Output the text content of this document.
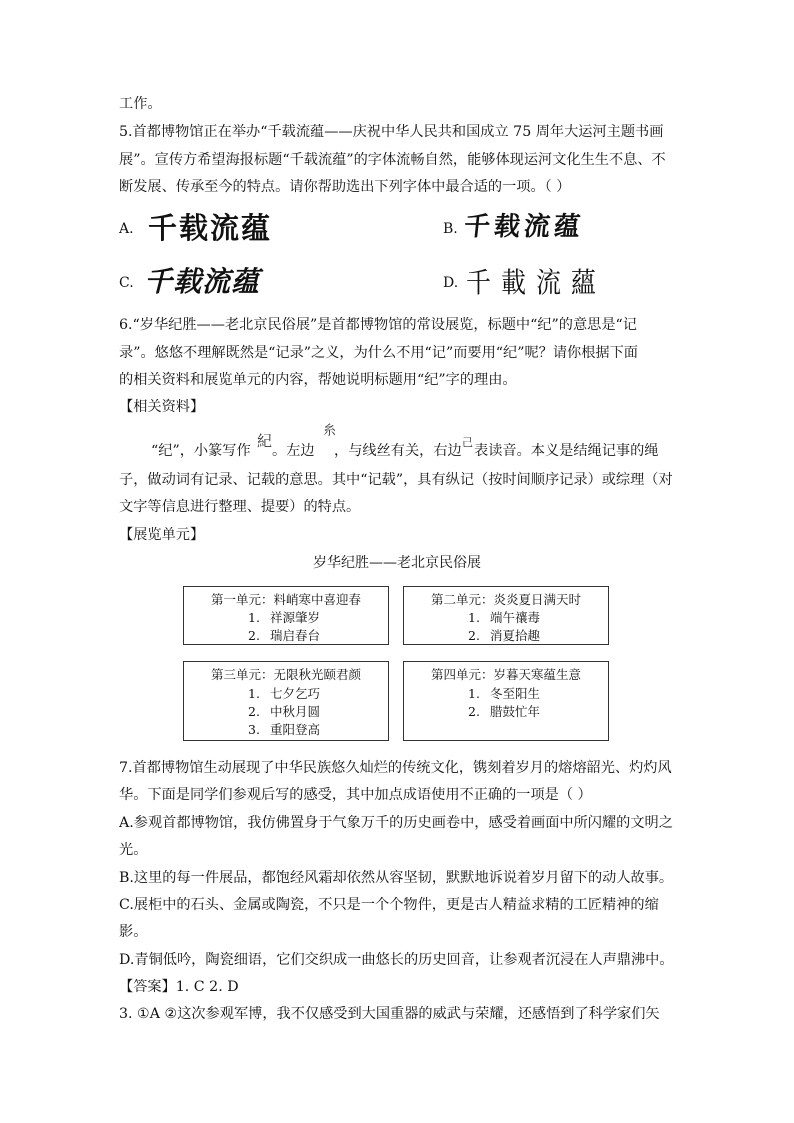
工作。
5.首都博物馆正在举办“千载流蕴——庆祝中华人民共和国成立 75 周年大运河主题书画
展”。宣传方希望海报标题“千载流蕴”的字体流畅自然，能够体现运河文化生生不息、不
断发展、传承至今的特点。请你帮助选出下列字体中最合适的一项。（ ）
A. 千载流蕴	B. 千载流蕴
C. 千载流蕴	D. 千載流蘊
6.“岁华纪胜——老北京民俗展”是首都博物馆的常设展览，标题中“纪”的意思是“记
录”。悠悠不理解既然是“记录”之义，为什么不用“记”而要用“纪”呢？请你根据下面
的相关资料和展览单元的内容，帮她说明标题用“纪”字的理由。
【相关资料】
“纪”，小篆写作
紀
。左边
糸
，与线丝有关，右边
己
表读音。本义是结绳记事的绳
子，做动词有记录、记载的意思。其中“记载”，具有纵记（按时间顺序记录）或综理（对
文字等信息进行整理、提要）的特点。
【展览单元】
岁华纪胜——老北京民俗展
第一单元：料峭寒中喜迎春
1. 祥源肇岁
2. 瑞启春台
第二单元：炎炎夏日满天时
1. 端午禳毒
2. 消夏拾趣
第三单元：无限秋光颐君颜
1. 七夕乞巧
2. 中秋月圆
3. 重阳登高
第四单元：岁暮天寒蕴生意
1. 冬至阳生
2. 腊鼓忙年
7.首都博物馆生动展现了中华民族悠久灿烂的传统文化，镌刻着岁月的熔熔韶光、灼灼风
华。下面是同学们参观后写的感受，其中加点成语使用不正确的一项是（ ）
A.参观首都博物馆，我仿佛置身于气象万千的历史画卷中，感受着画面中所闪耀的文明之
光。
B.这里的每一件展品，都饱经风霜却依然从容坚韧，默默地诉说着岁月留下的动人故事。
C.展柜中的石头、金属或陶瓷，不只是一个个物件，更是古人精益求精的工匠精神的缩
影。
D.青铜低吟，陶瓷细语，它们交织成一曲悠长的历史回音，让参观者沉浸在人声鼎沸中。
【答案】1. C 2. D
3. ①A ②这次参观军博，我不仅感受到大国重器的威武与荣耀，还感悟到了科学家们矢
